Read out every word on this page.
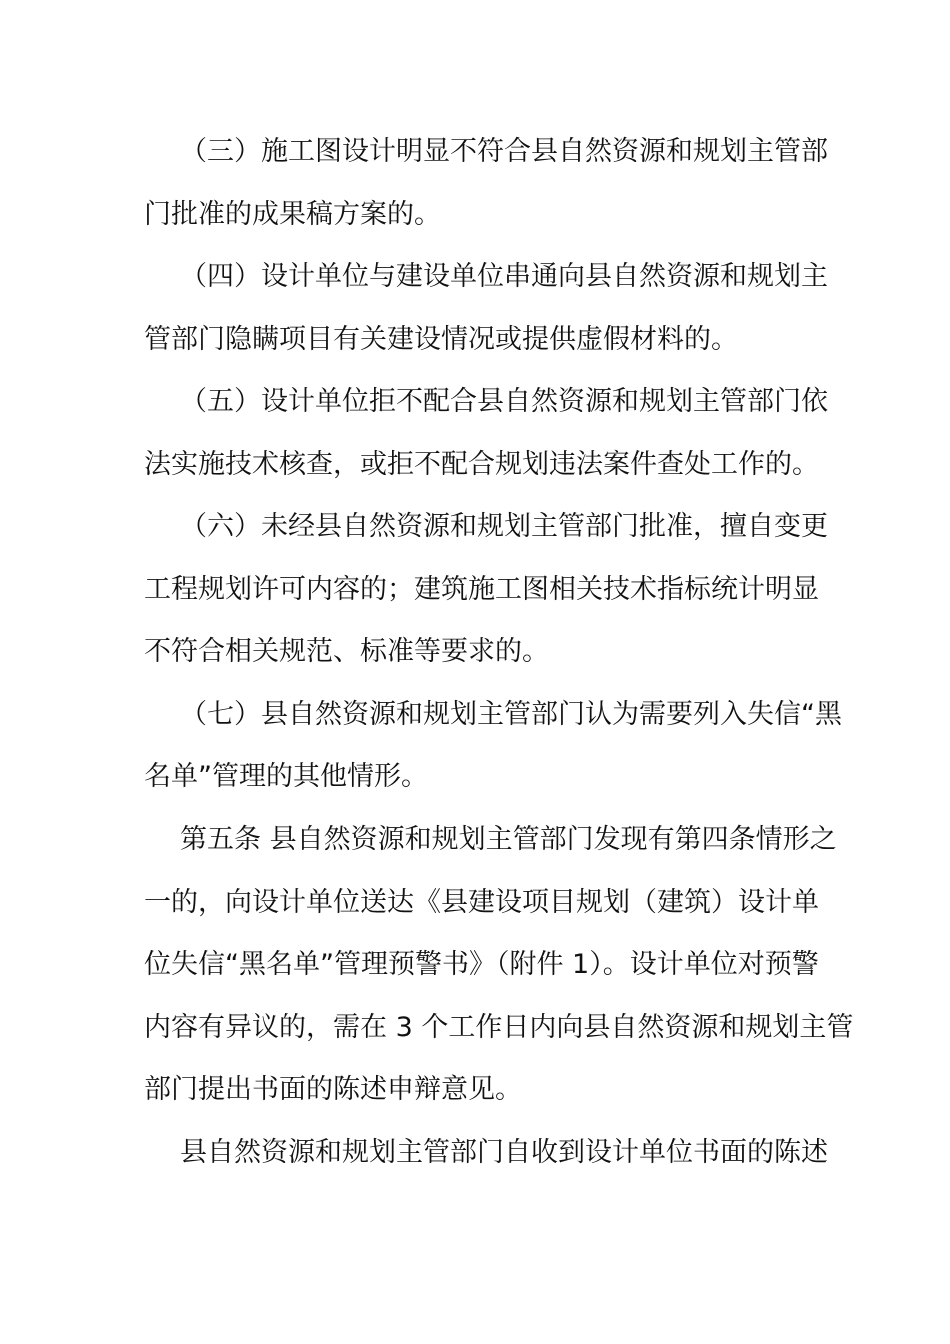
（三）施工图设计明显不符合县自然资源和规划主管部
门批准的成果稿方案的。
（四）设计单位与建设单位串通向县自然资源和规划主
管部门隐瞒项目有关建设情况或提供虚假材料的。
（五）设计单位拒不配合县自然资源和规划主管部门依
法实施技术核查，或拒不配合规划违法案件查处工作的。
（六）未经县自然资源和规划主管部门批准，擅自变更
工程规划许可内容的；建筑施工图相关技术指标统计明显
不符合相关规范、标准等要求的。
（七）县自然资源和规划主管部门认为需要列入失信“黑
名单”管理的其他情形。
第五条 县自然资源和规划主管部门发现有第四条情形之
一的，向设计单位送达《县建设项目规划（建筑）设计单
位失信“黑名单”管理预警书》（附件 1）。设计单位对预警
内容有异议的，需在 3 个工作日内向县自然资源和规划主管
部门提出书面的陈述申辩意见。
县自然资源和规划主管部门自收到设计单位书面的陈述
